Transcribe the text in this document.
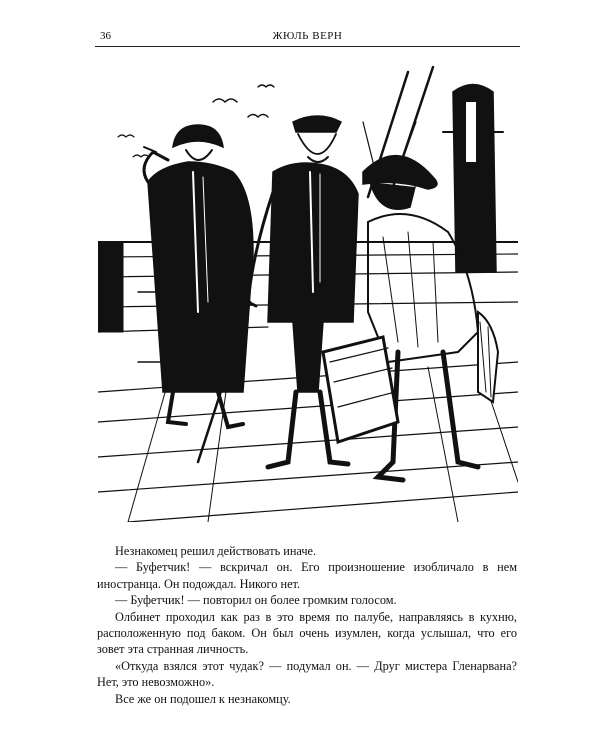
36	ЖЮЛЬ ВЕРН

Незнакомец решил действовать иначе.

— Буфетчик! — вскричал он. Его произношение изобличало в нем иностранца. Он подождал. Никого нет.

— Буфетчик! — повторил он более громким голосом.

Олбинет проходил как раз в это время по палубе, направляясь в кухню, расположенную под баком. Он был очень изумлен, когда услышал, что его зовет эта странная личность.

«Откуда взялся этот чудак? — подумал он. — Друг мистера Гленарвана? Нет, это невозможно».

Все же он подошел к незнакомцу.
